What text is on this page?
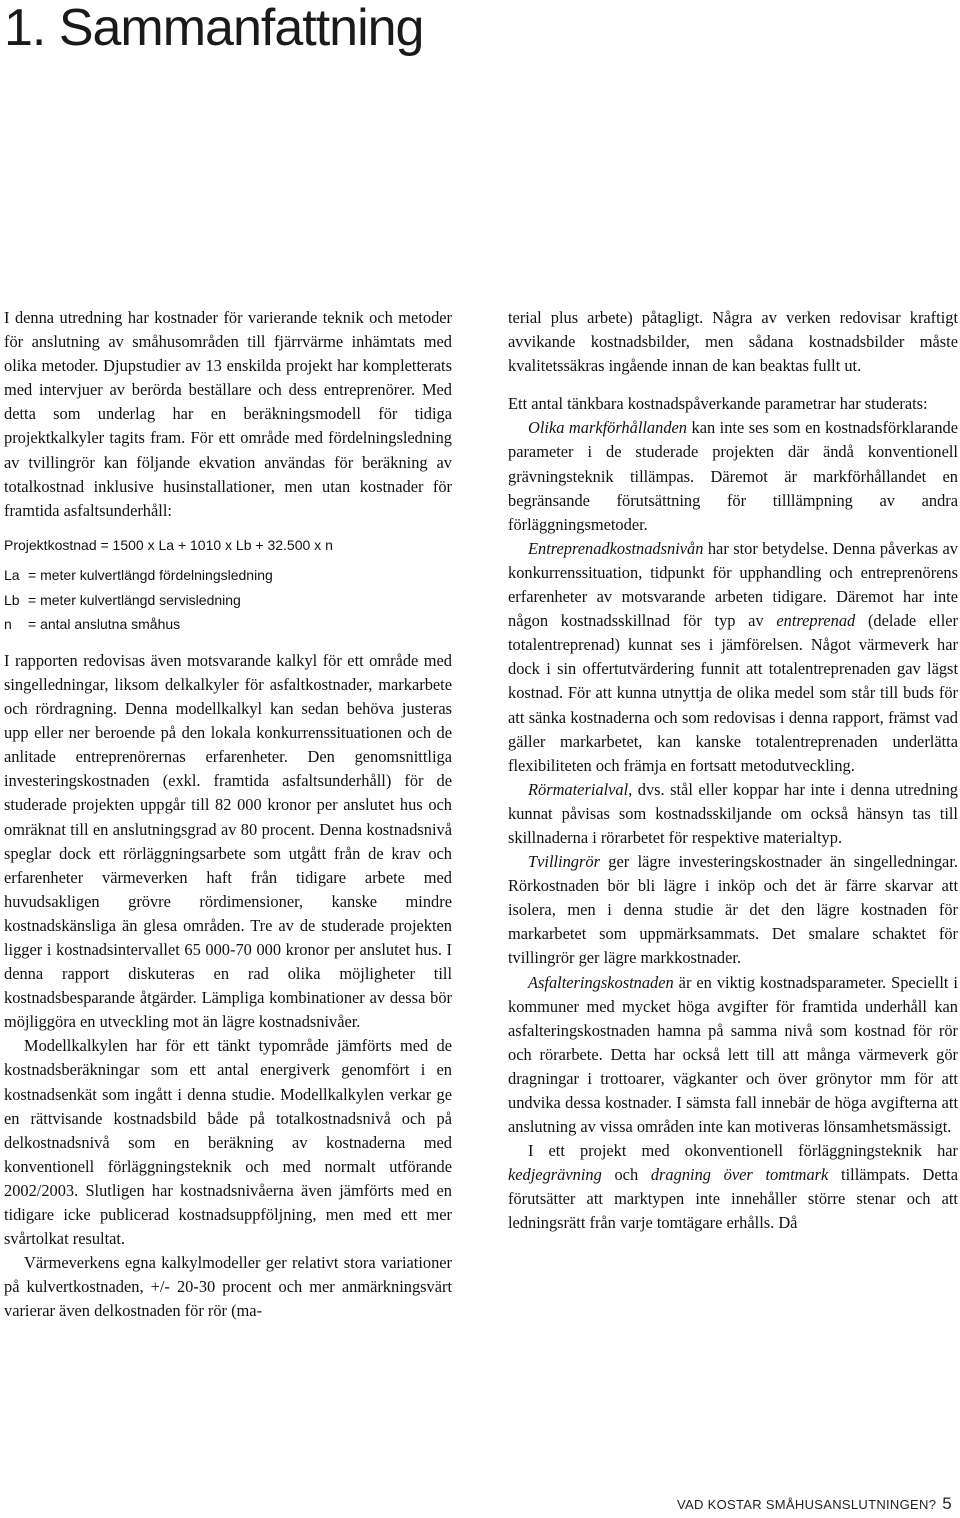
1. Sammanfattning

I denna utredning har kostnader för varierande teknik och metoder för anslutning av småhusområden till fjärrvärme inhämtats med olika metoder. Djupstudier av 13 enskilda projekt har kompletterats med intervjuer av berörda beställare och dess entreprenörer. Med detta som underlag har en beräkningsmodell för tidiga projektkalkyler tagits fram. För ett område med fördelningsledning av tvillingrör kan följande ekvation användas för beräkning av totalkostnad inklusive husinstallationer, men utan kostnader för framtida asfaltsunderhåll:

Projektkostnad = 1500 x La + 1010 x Lb + 32.500 x n
La = meter kulvertlängd fördelningsledning
Lb = meter kulvertlängd servisledning
n = antal anslutna småhus

I rapporten redovisas även motsvarande kalkyl för ett område med singelledningar, liksom delkalkyler för asfaltkostnader, markarbete och rördragning. Denna modellkalkyl kan sedan behöva justeras upp eller ner beroende på den lokala konkurrenssituationen och de anlitade entreprenörernas erfarenheter. Den genomsnittliga investeringskostnaden (exkl. framtida asfaltsunderhåll) för de studerade projekten uppgår till 82 000 kronor per anslutet hus och omräknat till en anslutningsgrad av 80 procent. Denna kostnadsnivå speglar dock ett rörläggningsarbete som utgått från de krav och erfarenheter värmeverken haft från tidigare arbete med huvudsakligen grövre rördimensioner, kanske mindre kostnadskänsliga än glesa områden. Tre av de studerade projekten ligger i kostnadsintervallet 65 000-70 000 kronor per anslutet hus. I denna rapport diskuteras en rad olika möjligheter till kostnadsbesparande åtgärder. Lämpliga kombinationer av dessa bör möjliggöra en utveckling mot än lägre kostnadsnivåer.

Modellkalkylen har för ett tänkt typområde jämförts med de kostnadsberäkningar som ett antal energiverk genomfört i en kostnadsenkät som ingått i denna studie. Modellkalkylen verkar ge en rättvisande kostnadsbild både på totalkostnadsnivå och på delkostnadsnivå som en beräkning av kostnaderna med konventionell förläggningsteknik och med normalt utförande 2002/2003. Slutligen har kostnadsnivåerna även jämförts med en tidigare icke publicerad kostnadsuppföljning, men med ett mer svårtolkat resultat.

Värmeverkens egna kalkylmodeller ger relativt stora variationer på kulvertkostnaden, +/- 20-30 procent och mer anmärkningsvärt varierar även delkostnaden för rör (ma-

terial plus arbete) påtagligt. Några av verken redovisar kraftigt avvikande kostnadsbilder, men sådana kostnadsbilder måste kvalitetssäkras ingående innan de kan beaktas fullt ut.

Ett antal tänkbara kostnadspåverkande parametrar har studerats:

Olika markförhållanden kan inte ses som en kostnadsförklarande parameter i de studerade projekten där ändå konventionell grävningsteknik tillämpas. Däremot är markförhållandet en begränsande förutsättning för tilllämpning av andra förläggningsmetoder.

Entreprenadkostnadsnivån har stor betydelse. Denna påverkas av konkurrenssituation, tidpunkt för upphandling och entreprenörens erfarenheter av motsvarande arbeten tidigare. Däremot har inte någon kostnadsskillnad för typ av entreprenad (delade eller totalentreprenad) kunnat ses i jämförelsen. Något värmeverk har dock i sin offertutvärdering funnit att totalentreprenaden gav lägst kostnad. För att kunna utnyttja de olika medel som står till buds för att sänka kostnaderna och som redovisas i denna rapport, främst vad gäller markarbetet, kan kanske totalentreprenaden underlätta flexibiliteten och främja en fortsatt metodutveckling.

Rörmaterialval, dvs. stål eller koppar har inte i denna utredning kunnat påvisas som kostnadsskiljande om också hänsyn tas till skillnaderna i rörarbetet för respektive materialtyp.

Tvillingrör ger lägre investeringskostnader än singelledningar. Rörkostnaden bör bli lägre i inköp och det är färre skarvar att isolera, men i denna studie är det den lägre kostnaden för markarbetet som uppmärksammats. Det smalare schaktet för tvillingrör ger lägre markkostnader.

Asfalteringskostnaden är en viktig kostnadsparameter. Speciellt i kommuner med mycket höga avgifter för framtida underhåll kan asfalteringskostnaden hamna på samma nivå som kostnad för rör och rörarbete. Detta har också lett till att många värmeverk gör dragningar i trottoarer, vägkanter och över grönytor mm för att undvika dessa kostnader. I sämsta fall innebär de höga avgifterna att anslutning av vissa områden inte kan motiveras lönsamhetsmässigt.

I ett projekt med okonventionell förläggningsteknik har kedjegrävning och dragning över tomtmark tillämpats. Detta förutsätter att marktypen inte innehåller större stenar och att ledningsrätt från varje tomtägare erhålls. Då

VAD KOSTAR SMÅHUSANSLUTNINGEN? 5
